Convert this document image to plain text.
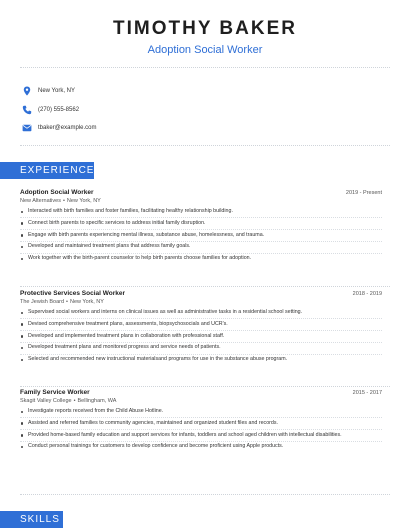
TIMOTHY BAKER
Adoption Social Worker
New York, NY
(270) 555-8562
tbaker@example.com
EXPERIENCE
Adoption Social Worker	2019 - Present
New Alternatives • New York, NY
Interacted with birth families and foster families, facilitating healthy relationship building.
Connect birth parents to specific services to address initial family disruption.
Engage with birth parents experiencing mental illness, substance abuse, homelessness, and trauma.
Developed and maintained treatment plans that address family goals.
Work together with the birth-parent counselor to help birth parents choose families for adoption.
Protective Services Social Worker	2018 - 2019
The Jewish Board • New York, NY
Supervised social workers and interns on clinical issues as well as administrative tasks in a residential school setting.
Devised comprehensive treatment plans, assessments, biopsychosocials and UCR's.
Developed and implemented treatment plans in collaboration with professional staff.
Developed treatment plans and monitored progress and service needs of patients.
Selected and recommended new instructional materialsand programs for use in the substance abuse program.
Family Service Worker	2015 - 2017
Skagit Valley College • Bellingham, WA
Investigate reports received from the Child Abuse Hotline.
Assisted and referred families to community agencies, maintained and organized student files and records.
Provided home-based family education and support services for infants, toddlers and school aged children with intellectual disabilities.
Conduct personal trainings for customers to develop confidence and become proficient using Apple products.
SKILLS
